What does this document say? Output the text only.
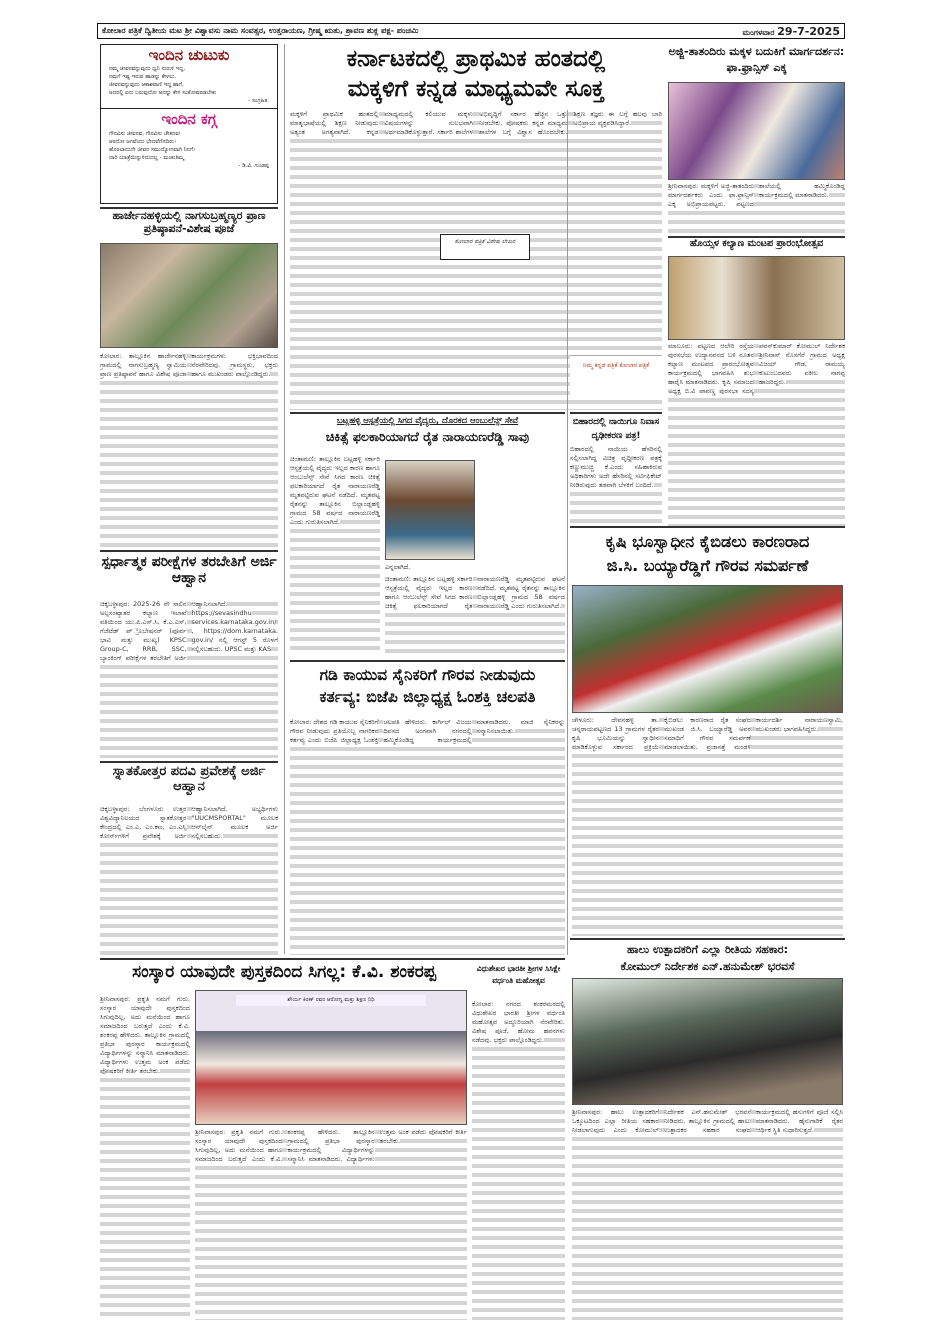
ಕೋಲಾರ ಪತ್ರಿಕೆ ದ್ವಿತೀಯ ಮಟ ಶ್ರೀ ವಿಶ್ವಾವಸು ನಾಮ ಸಂವತ್ಸರ, ಉತ್ತರಾಯಣ, ಗ್ರೀಷ್ಮ ಋತು, ಶ್ರಾವಣ ಶುಕ್ಲ ಪಕ್ಷ- ಪಂಚಮಿ	ಮಂಗಳವಾರ 29-7-2025
ಇಂದಿನ ಚುಟುಕು
ನಮ್ಮ ಜೀವನವನ್ನುವುದು ಧ್ವನಿ ಸುರುಳಿ ಇದ್ದ,
ನಮಗೆ ಇಷ್ಟ ಇರುವ ಹಾಡನ್ನು ಕೇಳಲು.
ಜೀವನವನ್ನುವುದು ಆಕಾಶವಾಣಿ ಇದ್ದ ಹಾಗೆ,
ಅದರಲ್ಲಿ ಏನು ಬರುವುದೋ ಅದನ್ನು ಕೇಳಿ ಸಂತೋಷಪಡಬೇಕು
- ಸಂಗ್ರಹಿತ.
ಇಂದಿನ ಕಗ್ಗ
ಗೌರವಿಸು ಜೀವನವ, ಗೌರವಿಸು ಚೇತನವ।
ಆರದೋ ಜಗವೆಂದು ಭೇದವೆಣಿಸದಿರು।
ಹೊರಲಾದುದೇ ಜೀವನ ಸಮುದ್ಯೋಗವಾಗಿ ನಿನಗೆ।
ದಾರಿ ಯಾತ್ರೆಯಿನ್ನುಳಿದುದಲ್ಲ - ಮಂಕುತಿಮ್ಮ
- ಡಿ.ವಿ. ಗುಂಡಪ್ಪ
ಹಾರ್ಜೇನಹಳ್ಳಿಯಲ್ಲಿ ನಾಗಸುಬ್ರಹ್ಮಣ್ಯರ ಪ್ರಾಣ ಪ್ರತಿಷ್ಠಾಪನೆ-ವಿಶೇಷ ಪೂಜೆ

ಕೋಲಾರ: ತಾಲ್ಲೂಕಿನ ಹಾರ್ಜೇನಹಳ್ಳಿ ಗ್ರಾಮದಲ್ಲಿ ನಾಗಸುಬ್ರಹ್ಮಣ್ಯ ಸ್ವಾಮಿಯ ಪ್ರಾಣ ಪ್ರತಿಷ್ಠಾಪನೆ ಹಾಗೂ ವಿಶೇಷ ಪೂಜಾ ಕಾರ್ಯಕ್ರಮಗಳು ಭಕ್ತಿಭಾವದಿಂದ ನೆರವೇರಿದವು. ಗ್ರಾಮಸ್ಥರು, ಭಕ್ತರು ಹಾಗೂ ಮುಖಂಡರು ಪಾಲ್ಗೊಂಡಿದ್ದರು.

ಸ್ಪರ್ಧಾತ್ಮಕ ಪರೀಕ್ಷೆಗಳ ತರಬೇತಿಗೆ ಅರ್ಜಿ ಆಹ್ವಾನ

ಚಿಕ್ಕಬಳ್ಳಾಪುರ: 2025-26 ನೇ ಸಾಲಿನ ಅಲ್ಪಸಂಖ್ಯಾತರ ಕಲ್ಯಾಣ ಇಲಾಖೆ ವತಿಯಿಂದ ಯು.ಪಿ.ಎಸ್.ಸಿ, ಕೆ.ಎ.ಎಸ್, ಗೆಜೆಟೆಡ್ ಪ್್ರೊಬೇಷನರ್ (ಪೂರ್ವ ಭಾವಿ ಮತ್ತು ಮುಖ್ಯ) KPSC Group-C, RRB, SSC, ಬ್ಯಾಂಕಿಂಗ್ ಪರೀಕ್ಷೆಗಳ ತರಬೇತಿಗೆ ಅರ್ಜಿ ಆಹ್ವಾನಿಸಲಾಗಿದೆ. https://sevasindhu services.karnataka.gov.in/ , https://dom.karnataka. gov.in/ ನಲ್ಲಿ ಆಗಸ್ಟ್ 5 ರೊಳಗೆ ಸಲ್ಲಿಸಬಹುದು. UPSC ಮತ್ತು KAS

ಸ್ನಾತಕೋತ್ತರ ಪದವಿ ಪ್ರವೇಶಕ್ಕೆ ಅರ್ಜಿ ಆಹ್ವಾನ

ಚಿಕ್ಕಬಳ್ಳಾಪುರ: ಬೆಂಗಳೂರು ಉತ್ತರ ವಿಶ್ವವಿದ್ಯಾನಿಲಯದ ಸ್ನಾತಕೋತ್ತರ ಕೇಂದ್ರದಲ್ಲಿ ಎಂ.ಎ, ಎಂ.ಕಾಂ, ಎಂ.ಎಸ್ಸಿ ಕೋರ್ಸ್‌ಗಳಿಗೆ ಪ್ರವೇಶಕ್ಕೆ ಅರ್ಜಿ ಆಹ್ವಾನಿಸಲಾಗಿದೆ. ಅಭ್ಯರ್ಥಿಗಳು "UUCMSPORTAL" ಮೂಲಕ ಆನ್‌ಲೈನ್ ಮೂಲಕ ಅರ್ಜಿ ಸಲ್ಲಿಸಬಹುದು.

ಕರ್ನಾಟಕದಲ್ಲಿ ಪ್ರಾಥಮಿಕ ಹಂತದಲ್ಲಿ
ಮಕ್ಕಳಿಗೆ ಕನ್ನಡ ಮಾಧ್ಯಮವೇ ಸೂಕ್ತ

ಮಕ್ಕಳಿಗೆ ಪ್ರಾಥಮಿಕ ಹಂತದಲ್ಲಿ ಮಾತೃಭಾಷೆಯಲ್ಲಿ ಶಿಕ್ಷಣ ನೀಡುವುದು ಅತ್ಯಂತ ಅಗತ್ಯವಾಗಿದೆ. ಕನ್ನಡ ಮಾಧ್ಯಮದಲ್ಲಿ ಕಲಿಯುವ ಮಕ್ಕಳು ವಿಷಯಗಳನ್ನು ಸುಲಭವಾಗಿ ಅರ್ಥಮಾಡಿಕೊಳ್ಳುತ್ತಾರೆ. ಸರ್ಕಾರಿ ಶಾಲೆಗಳ ಅಭಿವೃದ್ಧಿಗೆ ಸರ್ಕಾರ ಹೆಚ್ಚಿನ ಒತ್ತು ನೀಡಬೇಕು. ಪೋಷಕರು ಕನ್ನಡ ಮಾಧ್ಯಮ ಶಾಲೆಗಳ ಬಗ್ಗೆ ವಿಶ್ವಾಸ ಹೊಂದಬೇಕು. ಶಿಕ್ಷಣ ತಜ್ಞರು ಈ ಬಗ್ಗೆ ಹಲವು ಬಾರಿ ಅಭಿಪ್ರಾಯ ವ್ಯಕ್ತಪಡಿಸಿದ್ದಾರೆ.

ಕೋಲಾರ ಪತ್ರಿಕೆ ವಿಶೇಷ ಲೇಖನ
ನಿಮ್ಮ ಕನ್ನಡ ಪತ್ರಿಕೆ ಕೋಲಾರ ಪತ್ರಿಕೆ
ಬಟ್ಲಹಳ್ಳಿ ಆಸ್ಪತ್ರೆಯಲ್ಲಿ ಸಿಗದ ವೈದ್ಯರು, ದೊರಕದ ಆಂಬುಲೆನ್ಸ್ ಸೇವೆ
ಚಿಕಿತ್ಸೆ ಫಲಕಾರಿಯಾಗದೆ ರೈತ ನಾರಾಯಣರೆಡ್ಡಿ ಸಾವು

ಚಿಂತಾಮಣಿ: ತಾಲ್ಲೂಕಿನ ಬಟ್ಲಹಳ್ಳಿ ಸರ್ಕಾರಿ ಆಸ್ಪತ್ರೆಯಲ್ಲಿ ವೈದ್ಯರು ಇಲ್ಲದ ಕಾರಣ ಹಾಗೂ ಆಂಬುಲೆನ್ಸ್ ಸೇವೆ ಸಿಗದ ಕಾರಣ ಚಿಕಿತ್ಸೆ ಫಲಕಾರಿಯಾಗದೆ ರೈತ ನಾರಾಯಣರೆಡ್ಡಿ ಮೃತಪಟ್ಟಿರುವ ಘಟನೆ ನಡೆದಿದೆ. ಮೃತಪಟ್ಟ ರೈತನನ್ನು ತಾಲ್ಲೂಕಿನ ಬಿಲ್ಲಾಂಡ್ಲಹಳ್ಳಿ ಗ್ರಾಮದ 58 ವರ್ಷದ ನಾರಾಯಣರೆಡ್ಡಿ ಎಂದು ಗುರುತಿಸಲಾಗಿದೆ.

ಎನ್ನಲಾಗಿದೆ.

ಚಿಂತಾಮಣಿ: ತಾಲ್ಲೂಕಿನ ಬಟ್ಲಹಳ್ಳಿ ಸರ್ಕಾರಿ ಆಸ್ಪತ್ರೆಯಲ್ಲಿ ವೈದ್ಯರು ಇಲ್ಲದ ಕಾರಣ ಹಾಗೂ ಆಂಬುಲೆನ್ಸ್ ಸೇವೆ ಸಿಗದ ಕಾರಣ ಚಿಕಿತ್ಸೆ ಫಲಕಾರಿಯಾಗದೆ ರೈತ ನಾರಾಯಣರೆಡ್ಡಿ ಮೃತಪಟ್ಟಿರುವ ಘಟನೆ ನಡೆದಿದೆ. ಮೃತಪಟ್ಟ ರೈತನನ್ನು ತಾಲ್ಲೂಕಿನ ಬಿಲ್ಲಾಂಡ್ಲಹಳ್ಳಿ ಗ್ರಾಮದ 58 ವರ್ಷದ ನಾರಾಯಣರೆಡ್ಡಿ ಎಂದು ಗುರುತಿಸಲಾಗಿದೆ.

ಗಡಿ ಕಾಯುವ ಸೈನಿಕರಿಗೆ ಗೌರವ ನೀಡುವುದು
ಕರ್ತವ್ಯ: ಬಿಜೆಪಿ ಜಿಲ್ಲಾಧ್ಯಕ್ಷ ಓಂಶಕ್ತಿ ಚಲಪತಿ

ಕೋಲಾರ: ದೇಶದ ಗಡಿ ಕಾಯುವ ಸೈನಿಕರಿಗೆ ಗೌರವ ನೀಡುವುದು ಪ್ರತಿಯೊಬ್ಬ ನಾಗರಿಕನ ಕರ್ತವ್ಯ ಎಂದು ಬಿಜೆಪಿ ಜಿಲ್ಲಾಧ್ಯಕ್ಷ ಓಂಶಕ್ತಿ ಚಲಪತಿ ಹೇಳಿದರು. ಕಾರ್ಗಿಲ್ ವಿಜಯ ದಿವಸದ ಅಂಗವಾಗಿ ನಗರದಲ್ಲಿ ಹಮ್ಮಿಕೊಂಡಿದ್ದ ಕಾರ್ಯಕ್ರಮದಲ್ಲಿ ಮಾತನಾಡಿದರು. ಮಾಜಿ ಸೈನಿಕರನ್ನು ಸನ್ಮಾನಿಸಲಾಯಿತು.

ಅಜ್ಜಿ-ತಾತಂದಿರು ಮಕ್ಕಳ ಬದುಕಿಗೆ ಮಾರ್ಗದರ್ಶನ: ಫಾ.ಫ್ರಾನ್ಸಿಸ್ ಎಕ್ಕ

ಶ್ರೀನಿವಾಸಪುರ: ಮಕ್ಕಳಿಗೆ ಅಜ್ಜಿ-ತಾತಂದಿರು ಮಾರ್ಗದರ್ಶಕರು ಎಂದು ಫಾ.ಫ್ರಾನ್ಸಿಸ್ ಎಕ್ಕ ಅಭಿಪ್ರಾಯಪಟ್ಟರು. ಪಟ್ಟಣದ ಶಾಲೆಯಲ್ಲಿ ಹಮ್ಮಿಕೊಂಡಿದ್ದ ಕಾರ್ಯಕ್ರಮದಲ್ಲಿ ಮಾತನಾಡಿದರು.

ಹೊಯ್ಸಳ ಕಲ್ಯಾಣ ಮಂಟಪ ಪ್ರಾರಂಭೋತ್ಸವ

ಮಾಲೂರು: ಪಟ್ಟಣದ ಆಲೇರಿ ರಸ್ತೆಯ ಪುರಸಭೆಯ ಉದ್ಯಾನವನದ ಬಳಿ ನೂತನ ಕಲ್ಯಾಣ ಮಂಟಪದ ಪ್ರಾರಂಭೋತ್ಸವ ಕಾರ್ಯಕ್ರಮದಲ್ಲಿ ಭಾಗವಹಿಸಿ ಶುಭ ಹಾರೈಸಿ ಮಾತನಾಡಿದರು. ಕೃಷಿ ಸಮಾಜದ ಅಧ್ಯಕ್ಷ ಬಿ.ವಿ ಪಾಪಣ್ಣ ಪುರಸಭಾ ಸದಸ್ಯ ಪವನ್‌ಕುಮಾರ್ ಕೋಮುಲ್ ನಿರ್ದೇಶಕ ಶ್ರೀನಿವಾಸ್ ನೊಸಗೆರೆ ಗ್ರಾಮದ ಅಧ್ಯಕ್ಷ ವಿಜಯ್ ಗೌಡ, ರಾಮಯ್ಯ ಕುಟುಂಬದವರು ವಕೀಲ ನಾಗಪ್ಪ ಹಾಜರಿದ್ದರು.

ಬಿಹಾರದಲ್ಲಿ ನಾಯಿಗೂ ನಿವಾಸ ದೃಢೀಕರಣ ಪತ್ರ!

ಬಿಹಾರದಲ್ಲಿ ನಾಯಿಯ ಹೆಸರಿನಲ್ಲಿ ಸಲ್ಲಿಸಲಾಗಿದ್ದ ವಿಚಿತ್ರ ವೃದ್ಧೀಕರಣ ಪತ್ರಕ್ಕೆ ಕಣ್ಣುಮುಚ್ಚಿ ಕೆ.ಎಂದು ಸಹಿಹಾಕಿರುವ ಅಧಿಕಾರಿಗಳು ಅದೇ ಹೆಸರಿನಲ್ಲಿ ಸರ್ಟಿಫಿಕೇಟ್ ನೀಡಿರುವುದು ತಡವಾಗಿ ಬೆಳಕಿಗೆ ಬಂದಿದೆ.

ಕೃಷಿ ಭೂಸ್ವಾಧೀನ ಕೈಬಿಡಲು ಕಾರಣರಾದ
ಜಿ.ಸಿ. ಬಯ್ಯಾರೆಡ್ಡಿಗೆ ಗೌರವ ಸಮರ್ಪಣೆ

ಚೇಳೂರು: ದೇವನಹಳ್ಳಿ ತಾ. ಚನ್ನರಾಯಪಟ್ಟಣದ 13 ಗ್ರಾಮಗಳ ರೈತರ ಕೃಷಿ ಭೂಮಿಯನ್ನು ಸ್ವಾಧೀನ ಮಾಡಿಕೊಳ್ಳುವ ಸರ್ಕಾರದ ಪ್ರಕ್ರಿಯೆ ಕೈಬಿಡಲು ಕಾರಣರಾದ ರೈತ ಸಂಘದ ಮುಖಂಡ ಜಿ.ಸಿ. ಬಯ್ಯಾರೆಡ್ಡಿ ಅವರ ಸಮಾಧಿಗೆ ಗೌರವ ಸಮರ್ಪಣೆ ಮಾಡಲಾಯಿತು. ಪ್ರಜಾಸತ್ತೆ ಮಂಡಳಿ ಕಾರ್ಯದರ್ಶಿ ನಾರಾಯಣಸ್ವಾಮಿ, ಮುಖಂಡರು ಭಾಗವಹಿಸಿದ್ದರು.

ಹಾಲು ಉತ್ಪಾದಕರಿಗೆ ಎಲ್ಲಾ ರೀತಿಯ ಸಹಕಾರ:
ಕೋಮುಲ್ ನಿರ್ದೇಶಕ ಎನ್.ಹನುಮೇಶ್ ಭರವಸೆ

ಶ್ರೀನಿವಾಸಪುರ: ಹಾಲು ಉತ್ಪಾದಕರಿಗೆ ಒಕ್ಕೂಟದಿಂದ ಎಲ್ಲಾ ರೀತಿಯ ಸಹಕಾರ ನೀಡಲಾಗುವುದು ಎಂದು ಕೋಮುಲ್ ನಿರ್ದೇಶಕ ಎನ್.ಹನುಮೇಶ್ ಭರವಸೆ ನೀಡಿದರು. ತಾಲ್ಲೂಕಿನ ಗ್ರಾಮದಲ್ಲಿ ಹಾಲು ಉತ್ಪಾದಕರ ಸಹಕಾರ ಸಂಘದ ಕಾರ್ಯಕ್ರಮದಲ್ಲಿ ಹಸುಗಳಿಗೆ ಪೂಜೆ ಸಲ್ಲಿಸಿ ಮಾತನಾಡಿದರು. ಹೈನುಗಾರಿಕೆ ರೈತರ ಆರ್ಥಿಕ ಸ್ಥಿತಿ ಸುಧಾರಿಸುತ್ತದೆ.

ಸಂಸ್ಕಾರ ಯಾವುದೇ ಪುಸ್ತಕದಿಂದ ಸಿಗಲ್ಲ: ಕೆ.ವಿ. ಶಂಕರಪ್ಪ

ಶ್ರೀನಿವಾಸಪುರ: ಪ್ರಕೃತಿ ನಮಗೆ ಗುರು. ಸಂಸ್ಕಾರ ಯಾವುದೇ ಪುಸ್ತಕದಿಂದ ಸಿಗುವುದಿಲ್ಲ, ಅದು ಮನೆಯಿಂದ ಹಾಗೂ ಸಮಾಜದಿಂದ ಬರುತ್ತದೆ ಎಂದು ಕೆ.ವಿ. ಶಂಕರಪ್ಪ ಹೇಳಿದರು. ತಾಲ್ಲೂಕಿನ ಗ್ರಾಮದಲ್ಲಿ ಪ್ರತಿಭಾ ಪುರಸ್ಕಾರ ಕಾರ್ಯಕ್ರಮದಲ್ಲಿ ವಿದ್ಯಾರ್ಥಿಗಳನ್ನು ಸನ್ಮಾನಿಸಿ ಮಾತನಾಡಿದರು. ವಿದ್ಯಾರ್ಥಿಗಳು ಉತ್ತಮ ಅಂಕ ಪಡೆದು ಪೋಷಕರಿಗೆ ಕೀರ್ತಿ ತರಬೇಕು.

ಶೌರ್ಯ ಕಿರಣ್ ರವರ ಆರೋಗ್ಯ ಮತ್ತು ಶಿಕ್ಷಣ ನಿಧಿ

ಶ್ರೀನಿವಾಸಪುರ: ಪ್ರಕೃತಿ ನಮಗೆ ಗುರು. ಸಂಸ್ಕಾರ ಯಾವುದೇ ಪುಸ್ತಕದಿಂದ ಸಿಗುವುದಿಲ್ಲ, ಅದು ಮನೆಯಿಂದ ಹಾಗೂ ಸಮಾಜದಿಂದ ಬರುತ್ತದೆ ಎಂದು ಕೆ.ವಿ. ಶಂಕರಪ್ಪ ಹೇಳಿದರು. ತಾಲ್ಲೂಕಿನ ಗ್ರಾಮದಲ್ಲಿ ಪ್ರತಿಭಾ ಪುರಸ್ಕಾರ ಕಾರ್ಯಕ್ರಮದಲ್ಲಿ ವಿದ್ಯಾರ್ಥಿಗಳನ್ನು ಸನ್ಮಾನಿಸಿ ಮಾತನಾಡಿದರು. ವಿದ್ಯಾರ್ಥಿಗಳು ಉತ್ತಮ ಅಂಕ ಪಡೆದು ಪೋಷಕರಿಗೆ ಕೀರ್ತಿ ತರಬೇಕು.

ವಿಧುಶೇಖರ ಭಾರತೀ ಶ್ರೀಗಳ ಸಿಸಿಕ್ಷೇ ವರ್ಧಂತಿ ಮಹೋತ್ಸವ

ಕೋಲಾರ: ನಗರದ ಶಂಕರಮಠದಲ್ಲಿ ವಿಧುಶೇಖರ ಭಾರತೀ ಶ್ರೀಗಳ ವರ್ಧಂತಿ ಮಹೋತ್ಸವ ಅದ್ದೂರಿಯಾಗಿ ನೆರವೇರಿತು. ವಿಶೇಷ ಪೂಜೆ, ಹೋಮ ಹವನಗಳು ನಡೆದವು. ಭಕ್ತರು ಪಾಲ್ಗೊಂಡಿದ್ದರು.
